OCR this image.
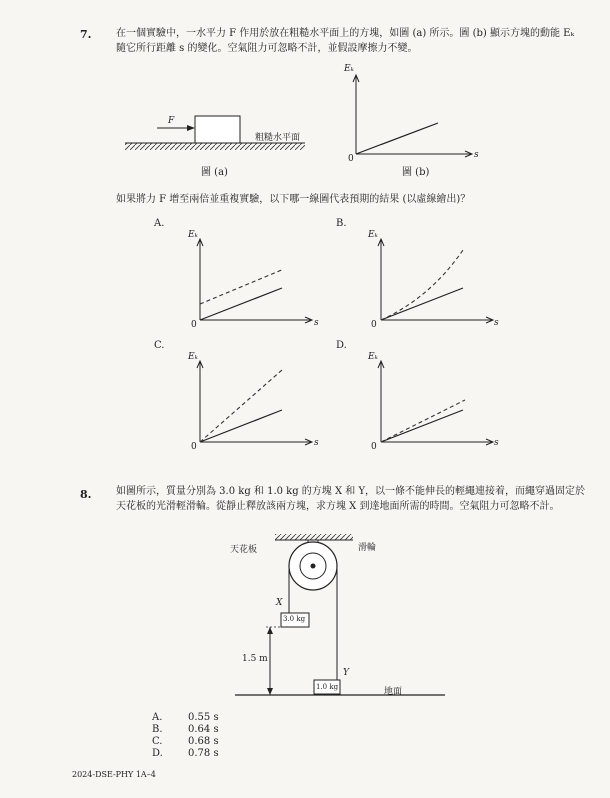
7. 在一個實驗中，一水平力 F 作用於放在粗糙水平面上的方塊，如圖 (a) 所示。圖 (b) 顯示方塊的動能 Eₖ 隨它所行距離 s 的變化。空氣阻力可忽略不計，並假設摩擦力不變。
F
粗糙水平面
圖 (a)
Eₖ
s
0
圖 (b)
如果將力 F 增至兩倍並重複實驗，以下哪一線圖代表預期的結果 (以虛線繪出)？
A.	B.
C.	D.
Eₖ
s
0
Eₖ
s
0
Eₖ
s
0
Eₖ
s
0
8. 如圖所示，質量分別為 3.0 kg 和 1.0 kg 的方塊 X 和 Y，以一條不能伸長的輕繩連接着，而繩穿過固定於天花板的光滑輕滑輪。從靜止釋放該兩方塊，求方塊 X 到達地面所需的時間。空氣阻力可忽略不計。
天花板	滑輪
X
3.0 kg
Y
1.0 kg
1.5 m
地面
A.	0.55 s
B.	0.64 s
C.	0.68 s
D.	0.78 s
2024-DSE-PHY 1A–4
